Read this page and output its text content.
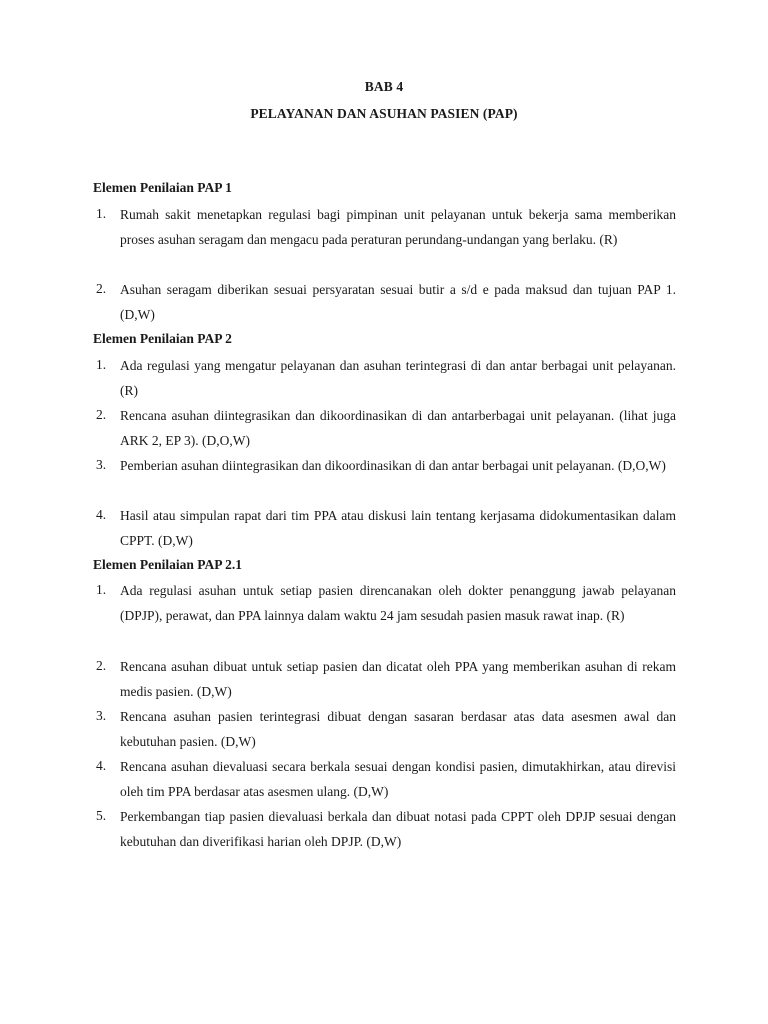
BAB 4
PELAYANAN DAN ASUHAN PASIEN (PAP)
Elemen Penilaian PAP 1
1. Rumah sakit menetapkan regulasi bagi pimpinan unit pelayanan untuk bekerja sama memberikan proses asuhan seragam dan mengacu pada peraturan perundang-undangan yang berlaku. (R)
2. Asuhan seragam diberikan sesuai persyaratan sesuai butir a s/d e pada maksud dan tujuan PAP 1. (D,W)
Elemen Penilaian PAP 2
1. Ada regulasi yang mengatur pelayanan dan asuhan terintegrasi di dan antar berbagai unit pelayanan. (R)
2. Rencana asuhan diintegrasikan dan dikoordinasikan di dan antarberbagai unit pelayanan. (lihat juga ARK 2, EP 3). (D,O,W)
3. Pemberian asuhan diintegrasikan dan dikoordinasikan di dan antar berbagai unit pelayanan. (D,O,W)
4. Hasil atau simpulan rapat dari tim PPA atau diskusi lain tentang kerjasama didokumentasikan dalam CPPT. (D,W)
Elemen Penilaian PAP 2.1
1. Ada regulasi asuhan untuk setiap pasien direncanakan oleh dokter penanggung jawab pelayanan (DPJP), perawat, dan PPA lainnya dalam waktu 24 jam sesudah pasien masuk rawat inap. (R)
2. Rencana asuhan dibuat untuk setiap pasien dan dicatat oleh PPA yang memberikan asuhan di rekam medis pasien. (D,W)
3. Rencana asuhan pasien terintegrasi dibuat dengan sasaran berdasar atas data asesmen awal dan kebutuhan pasien. (D,W)
4. Rencana asuhan dievaluasi secara berkala sesuai dengan kondisi pasien, dimutakhirkan, atau direvisi oleh tim PPA berdasar atas asesmen ulang. (D,W)
5. Perkembangan tiap pasien dievaluasi berkala dan dibuat notasi pada CPPT oleh DPJP sesuai dengan kebutuhan dan diverifikasi harian oleh DPJP. (D,W)
